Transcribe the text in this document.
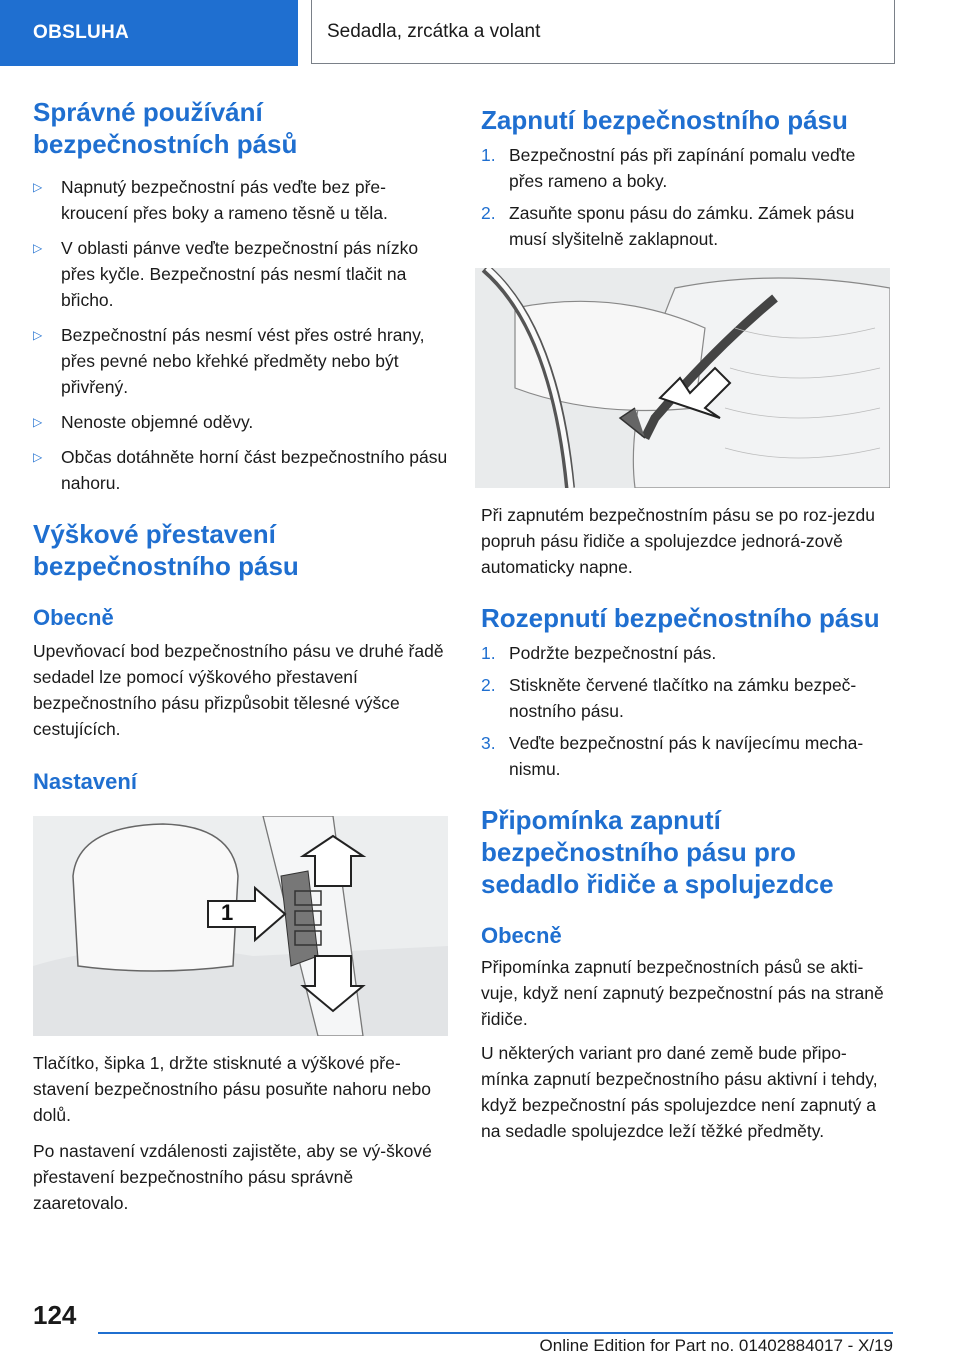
OBSLUHA	Sedadla, zrcátka a volant
Správné používání bezpečnostních pásů
▷ Napnutý bezpečnostní pás veďte bez pře-kroucení přes boky a rameno těsně u těla.
▷ V oblasti pánve veďte bezpečnostní pás nízko přes kyčle. Bezpečnostní pás nesmí tlačit na břicho.
▷ Bezpečnostní pás nesmí vést přes ostré hrany, přes pevné nebo křehké předměty nebo být přivřený.
▷ Nenoste objemné oděvy.
▷ Občas dotáhněte horní část bezpečnostního pásu nahoru.
Výškové přestavení bezpečnostního pásu
Obecně

Upevňovací bod bezpečnostního pásu ve druhé řadě sedadel lze pomocí výškového přestavení bezpečnostního pásu přizpůsobit tělesné výšce cestujících.

Nastavení
1

Tlačítko, šipka 1, držte stisknuté a výškové pře-stavení bezpečnostního pásu posuňte nahoru nebo dolů.

Po nastavení vzdálenosti zajistěte, aby se vý-škové přestavení bezpečnostního pásu správně zaaretovalo.

Zapnutí bezpečnostního pásu
1. Bezpečnostní pás při zapínání pomalu veďte přes rameno a boky.
2. Zasuňte sponu pásu do zámku. Zámek pásu musí slyšitelně zaklapnout.

Při zapnutém bezpečnostním pásu se po roz-jezdu popruh pásu řidiče a spolujezdce jednorá-zově automaticky napne.

Rozepnutí bezpečnostního pásu
1. Podržte bezpečnostní pás.
2. Stiskněte červené tlačítko na zámku bezpeč-nostního pásu.
3. Veďte bezpečnostní pás k navíjecímu mecha-nismu.
Připomínka zapnutí bezpečnostního pásu pro sedadlo řidiče a spolujezdce
Obecně

Připomínka zapnutí bezpečnostních pásů se akti-vuje, když není zapnutý bezpečnostní pás na straně řidiče.

U některých variant pro dané země bude připo-mínka zapnutí bezpečnostního pásu aktivní i tehdy, když bezpečnostní pás spolujezdce není zapnutý a na sedadle spolujezdce leží těžké předměty.

124
Online Edition for Part no. 01402884017 - X/19
